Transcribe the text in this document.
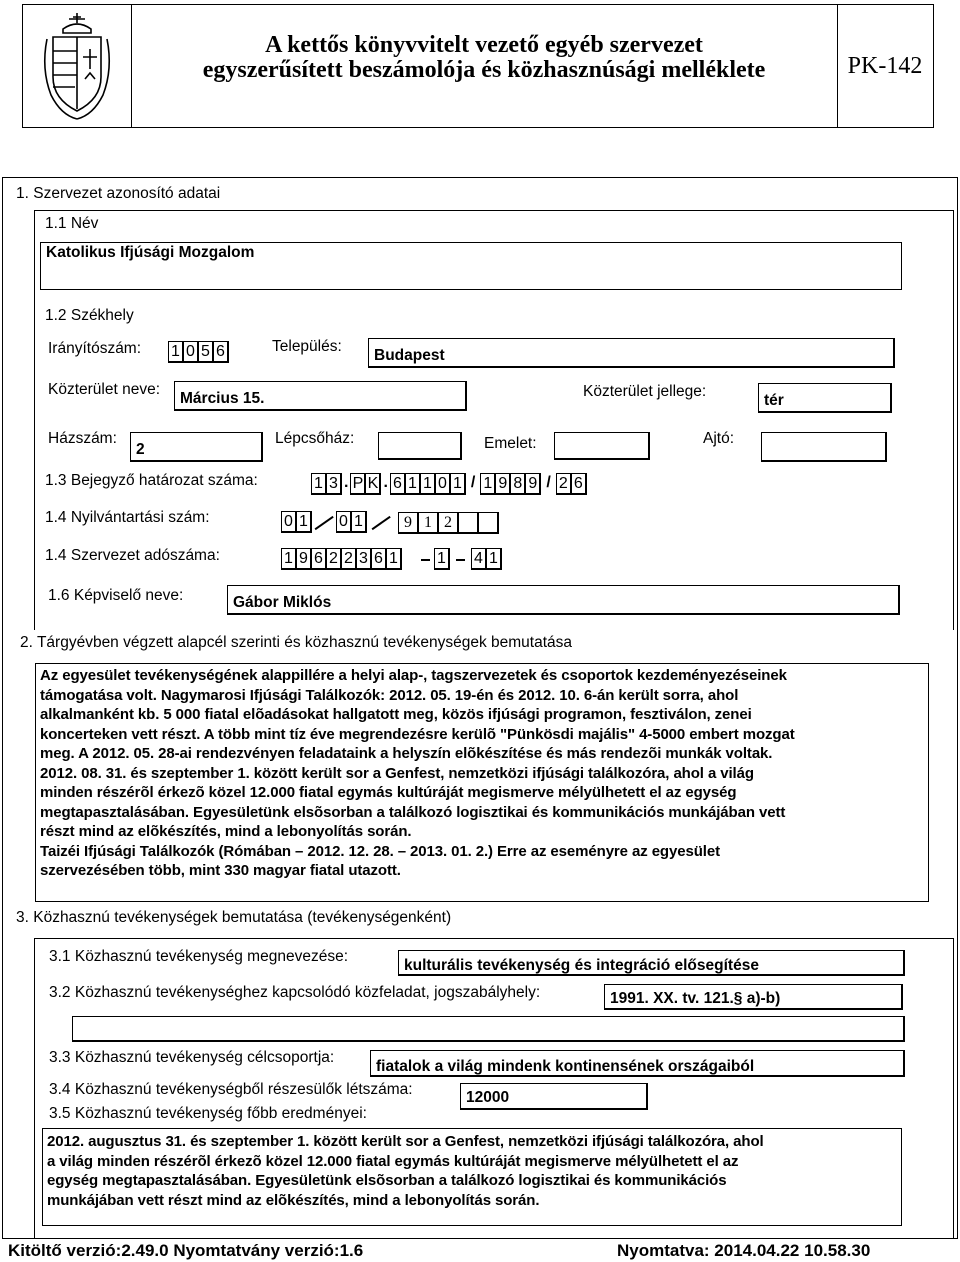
A kettős könyvvitelt vezető egyéb szervezet
egyszerűsített beszámolója és közhasznúsági melléklete	PK-142
1. Szervezet azonosító adatai
1.1 Név
Katolikus Ifjúsági Mozgalom
1.2 Székhely
Irányítószám: 1 0 5 6	Település:
Budapest
Közterület neve:
Március 15.	Közterület jellege:
tér
Házszám:
2
Lépcsőház:	Emelet:	Ajtó:
1.3 Bejegyző határozat száma:	1 3 . P K . 6 1 1 0 1 / 1 9 8 9 / 2 6
1.4 Nyilvántartási szám:	0 1 0 1	9 1 2
1.4 Szervezet adószáma:	1 9 6 2 2 3 6 1 1 4 1
1.6 Képviselő neve:	Gábor Miklós
2. Tárgyévben végzett alapcél szerinti és közhasznú tevékenységek bemutatása

Az egyesület tevékenységének alappillére a helyi alap-, tagszervezetek és csoportok kezdeményezéseinek

támogatása volt. Nagymarosi Ifjúsági Találkozók: 2012. 05. 19-én és 2012. 10. 6-án került sorra, ahol

alkalmanként kb. 5 000 fiatal elõadásokat hallgatott meg, közös ifjúsági programon, fesztiválon, zenei

koncerteken vett részt. A több mint tíz éve megrendezésre kerülõ "Pünkösdi majális" 4-5000 embert mozgat

meg. A 2012. 05. 28-ai rendezvényen feladataink a helyszín elõkészítése és más rendezõi munkák voltak.

2012. 08. 31. és szeptember 1. között került sor a Genfest, nemzetközi ifjúsági találkozóra, ahol a világ

minden részérõl érkezõ közel 12.000 fiatal egymás kultúráját megismerve mélyülhetett el az egység

megtapasztalásában. Egyesületünk elsõsorban a találkozó logisztikai és kommunikációs munkájában vett

részt mind az elõkészítés, mind a lebonyolítás során.

Taizéi Ifjúsági Találkozók (Rómában – 2012. 12. 28. – 2013. 01. 2.) Erre az eseményre az egyesület

szervezésében több, mint 330 magyar fiatal utazott.

3. Közhasznú tevékenységek bemutatása (tevékenységenként)
3.1 Közhasznú tevékenység megnevezése:
kulturális tevékenység és integráció elősegítése
3.2 Közhasznú tevékenységhez kapcsolódó közfeladat, jogszabályhely:	1991. XX. tv. 121.§ a)-b)
3.3 Közhasznú tevékenység célcsoportja:
fiatalok a világ mindenk kontinensének országaiból
3.4 Közhasznú tevékenységből részesülők létszáma:	12000
3.5 Közhasznú tevékenység főbb eredményei:

2012. augusztus 31. és szeptember 1. között került sor a Genfest, nemzetközi ifjúsági találkozóra, ahol

a világ minden részérõl érkezõ közel 12.000 fiatal egymás kultúráját megismerve mélyülhetett el az

egység megtapasztalásában. Egyesületünk elsõsorban a találkozó logisztikai és kommunikációs

munkájában vett részt mind az elõkészítés, mind a lebonyolítás során.

Kitöltő verzió:2.49.0 Nyomtatvány verzió:1.6	Nyomtatva: 2014.04.22 10.58.30
